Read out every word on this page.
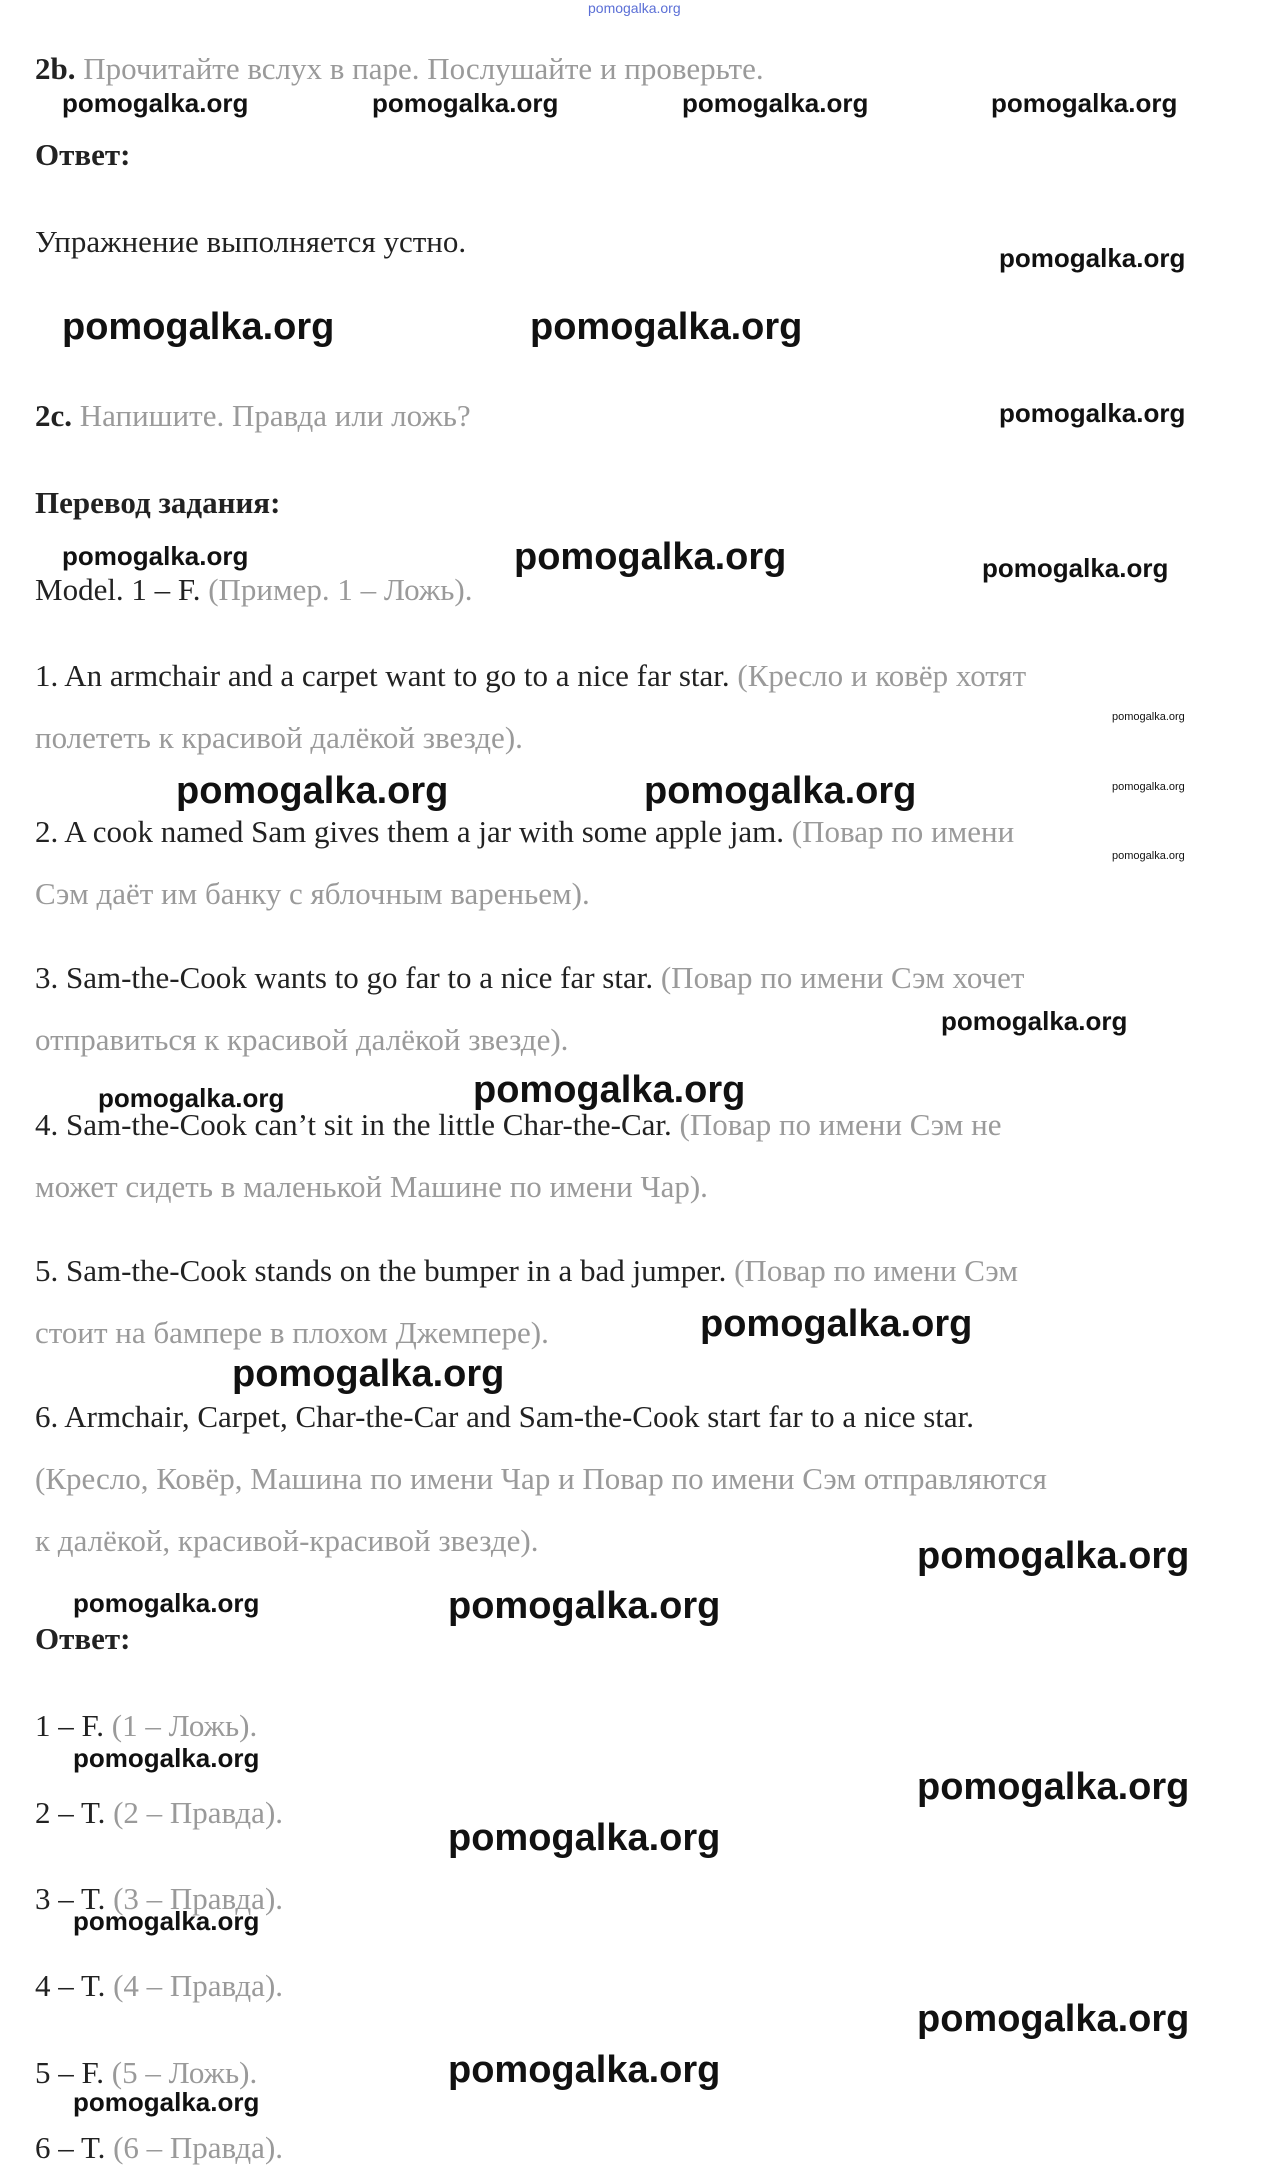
pomogalka.org
2b. Прочитайте вслух в паре. Послушайте и проверьте.
Ответ:
Упражнение выполняется устно.
2c. Напишите. Правда или ложь?
Перевод задания:
Model. 1 – F. (Пример. 1 – Ложь).
1. An armchair and a carpet want to go to a nice far star. (Кресло и ковёр хотят
полететь к красивой далёкой звезде).
2. A cook named Sam gives them a jar with some apple jam. (Повар по имени
Сэм даёт им банку с яблочным вареньем).
3. Sam-the-Cook wants to go far to a nice far star. (Повар по имени Сэм хочет
отправиться к красивой далёкой звезде).
4. Sam-the-Cook can’t sit in the little Char-the-Car. (Повар по имени Сэм не
может сидеть в маленькой Машине по имени Чар).
5. Sam-the-Cook stands on the bumper in a bad jumper. (Повар по имени Сэм
стоит на бампере в плохом Джемпере).
6. Armchair, Carpet, Char-the-Car and Sam-the-Cook start far to a nice star.
(Кресло, Ковёр, Машина по имени Чар и Повар по имени Сэм отправляются
к далёкой, красивой-красивой звезде).
Ответ:
1 – F. (1 – Ложь).
2 – T. (2 – Правда).
3 – T. (3 – Правда).
4 – T. (4 – Правда).
5 – F. (5 – Ложь).
6 – T. (6 – Правда).
pomogalka.org	pomogalka.org	pomogalka.org	pomogalka.org
pomogalka.org
pomogalka.org	pomogalka.org
pomogalka.org
pomogalka.org	pomogalka.org	pomogalka.org
pomogalka.org
pomogalka.org	pomogalka.org	pomogalka.org
pomogalka.org
pomogalka.org
pomogalka.org	pomogalka.org
pomogalka.org
pomogalka.org
pomogalka.org
pomogalka.org	pomogalka.org
pomogalka.org
pomogalka.org
pomogalka.org
pomogalka.org
pomogalka.org
pomogalka.org
pomogalka.org
